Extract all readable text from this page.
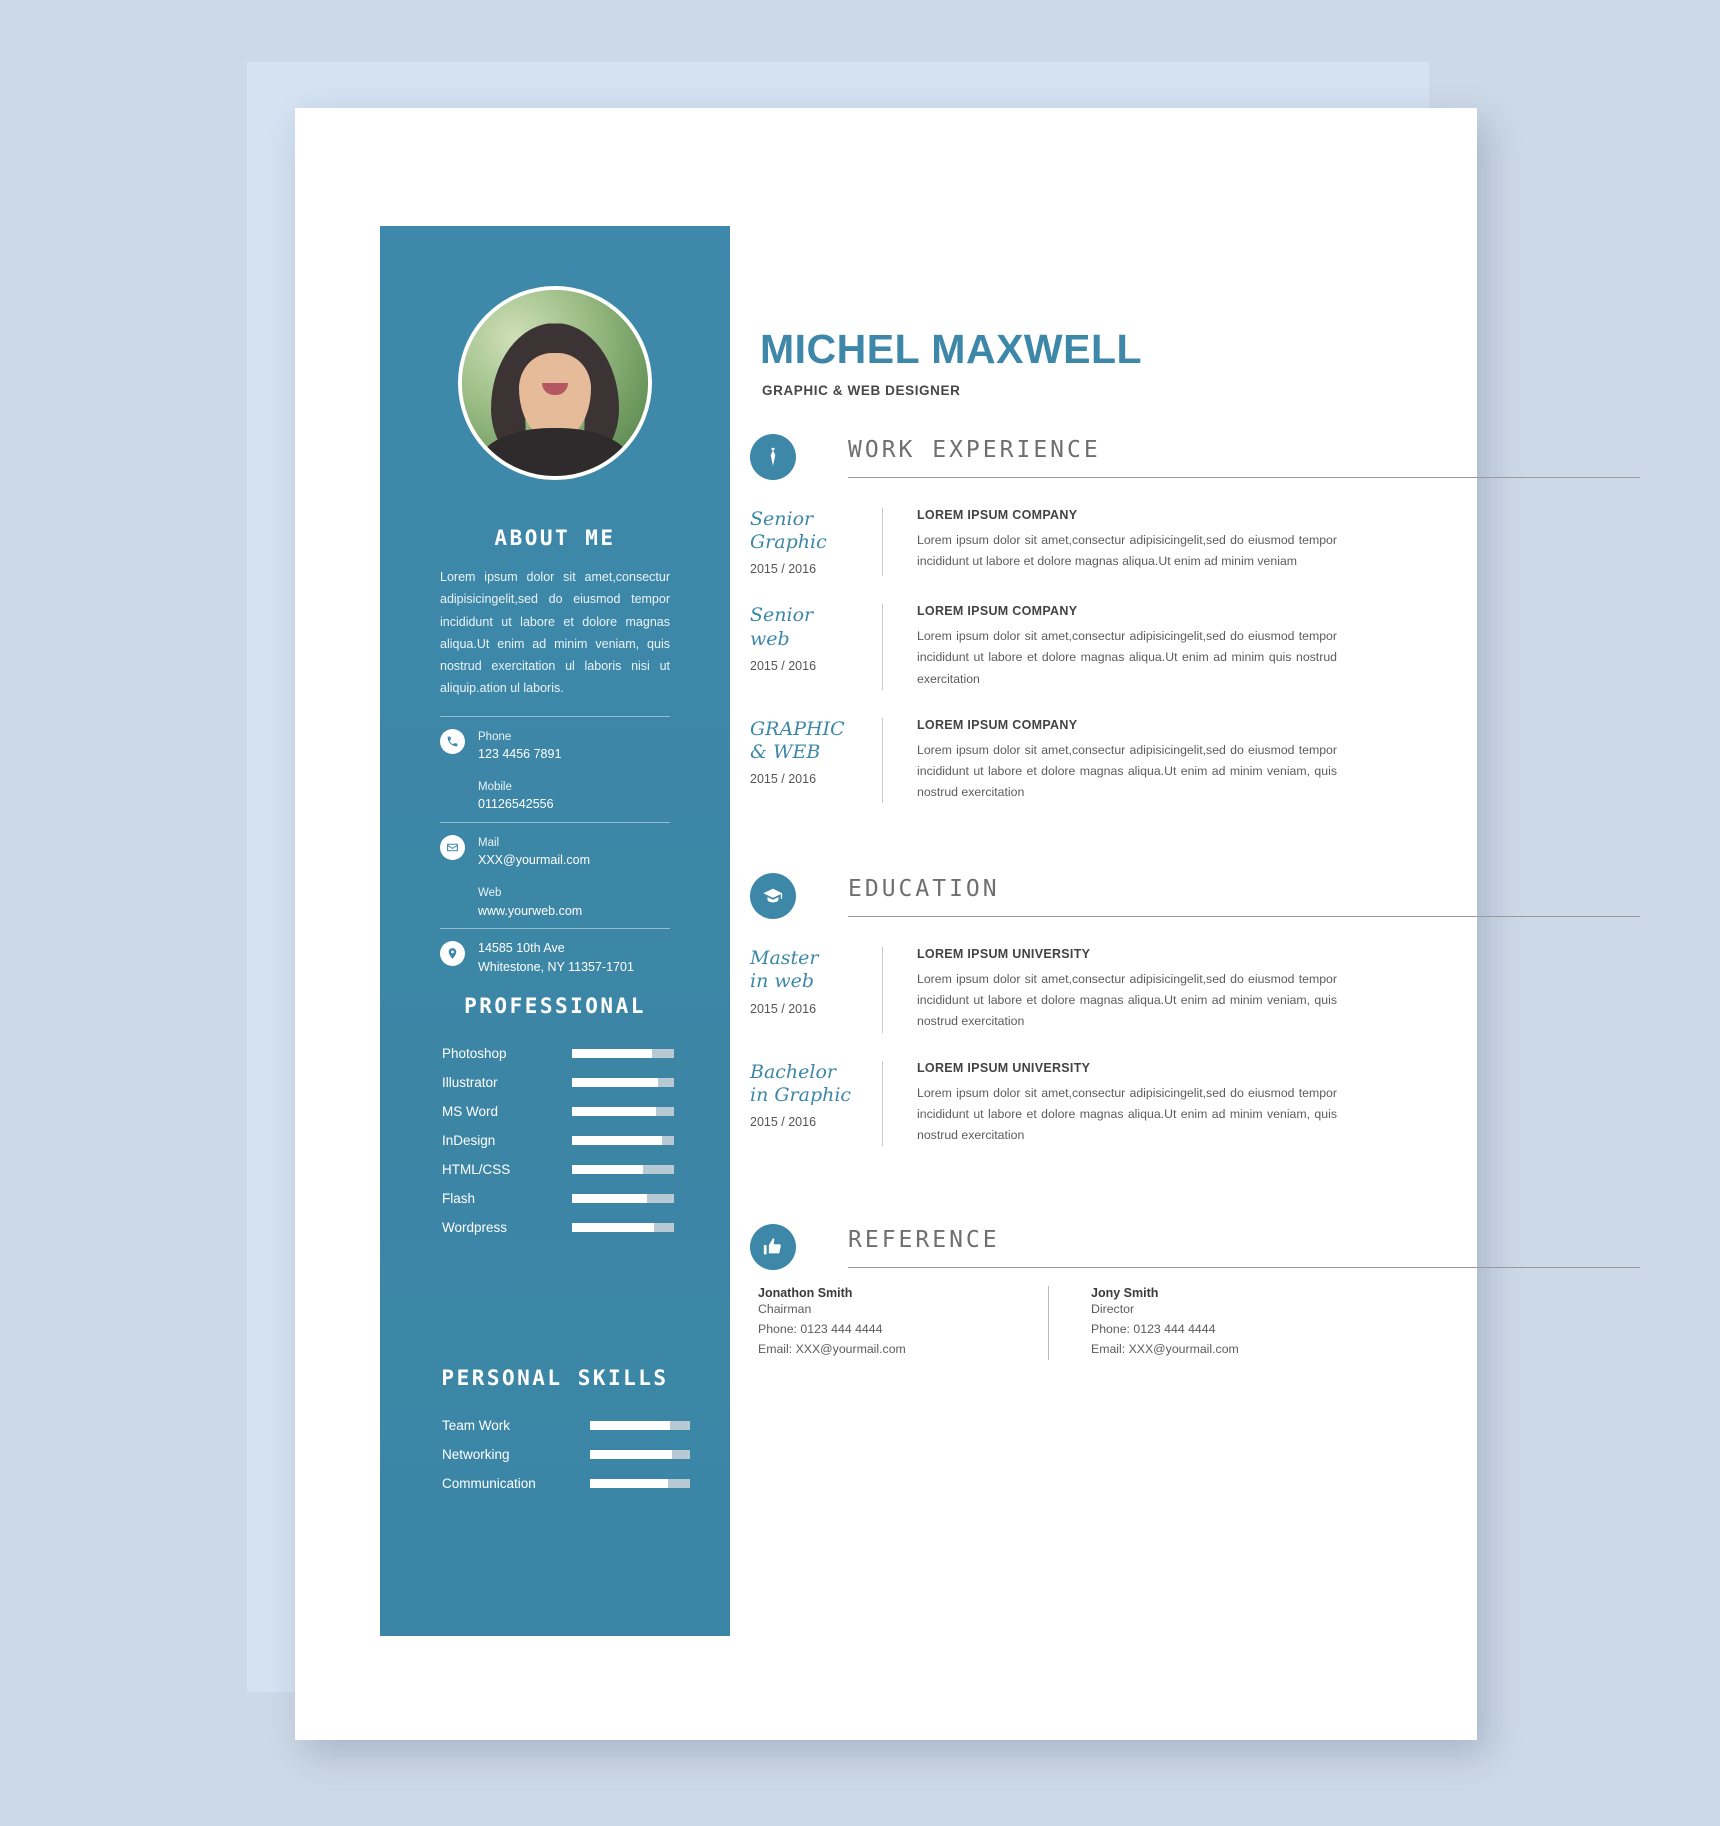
ABOUT ME

Lorem ipsum dolor sit amet,consectur adipisicingelit,sed do eiusmod tempor incididunt ut labore et dolore magnas aliqua.Ut enim ad minim veniam, quis nostrud exercitation ul laboris nisi ut aliquip.ation ul laboris.

Phone
123 4456 7891
Mobile
01126542556
Mail
XXX@yourmail.com
Web
www.yourweb.com
14585 10th Ave
Whitestone, NY 11357-1701
PROFESSIONAL
Photoshop
Illustrator
MS Word
InDesign
HTML/CSS
Flash
Wordpress
PERSONAL SKILLS
Team Work
Networking
Communication
MICHEL MAXWELL
GRAPHIC & WEB DESIGNER
WORK EXPERIENCE
Senior
Graphic
2015 / 2016
LOREM IPSUM COMPANY
Lorem ipsum dolor sit amet,consectur adipisicingelit,sed do eiusmod tempor incididunt ut labore et dolore magnas aliqua.Ut enim ad minim veniam
Senior
web
2015 / 2016
LOREM IPSUM COMPANY
Lorem ipsum dolor sit amet,consectur adipisicingelit,sed do eiusmod tempor incididunt ut labore et dolore magnas aliqua.Ut enim ad minim quis nostrud exercitation
GRAPHIC
& WEB
2015 / 2016
LOREM IPSUM COMPANY
Lorem ipsum dolor sit amet,consectur adipisicingelit,sed do eiusmod tempor incididunt ut labore et dolore magnas aliqua.Ut enim ad minim veniam, quis nostrud exercitation
EDUCATION
Master
in web
2015 / 2016
LOREM IPSUM UNIVERSITY
Lorem ipsum dolor sit amet,consectur adipisicingelit,sed do eiusmod tempor incididunt ut labore et dolore magnas aliqua.Ut enim ad minim veniam, quis nostrud exercitation
Bachelor
in Graphic
2015 / 2016
LOREM IPSUM UNIVERSITY
Lorem ipsum dolor sit amet,consectur adipisicingelit,sed do eiusmod tempor incididunt ut labore et dolore magnas aliqua.Ut enim ad minim veniam, quis nostrud exercitation
REFERENCE
Jonathon Smith
Chairman
Phone: 0123 444 4444
Email: XXX@yourmail.com
Jony Smith
Director
Phone: 0123 444 4444
Email: XXX@yourmail.com
